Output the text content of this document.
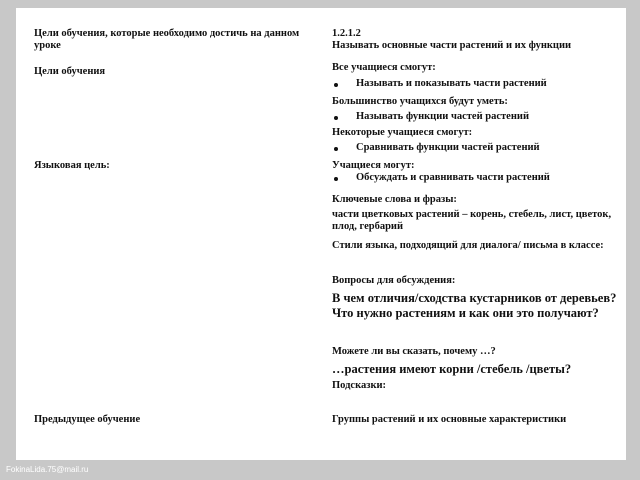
Цели обучения, которые необходимо достичь на данном уроке
Цели обучения
Языковая цель:
Предыдущее обучение
1.2.1.2
Называть основные части растений и их функции
Все учащиеся смогут:
Называть и показывать части растений
Большинство учащихся будут уметь:
Называть функции частей растений
Некоторые учащиеся смогут:
Сравнивать функции частей растений
Учащиеся могут:
Обсуждать и сравнивать части растений
Ключевые слова и фразы:
части цветковых растений – корень, стебель, лист, цветок, плод, гербарий
Стили языка, подходящий для диалога/ письма в классе:
Вопросы для обсуждения:
В чем отличия/сходства кустарников от деревьев? Что нужно растениям и как они это получают?
Можете ли вы сказать, почему …?
…растения имеют корни /стебель /цветы?
Подсказки:
Группы растений и их основные характеристики
FokinaLida.75@mail.ru
